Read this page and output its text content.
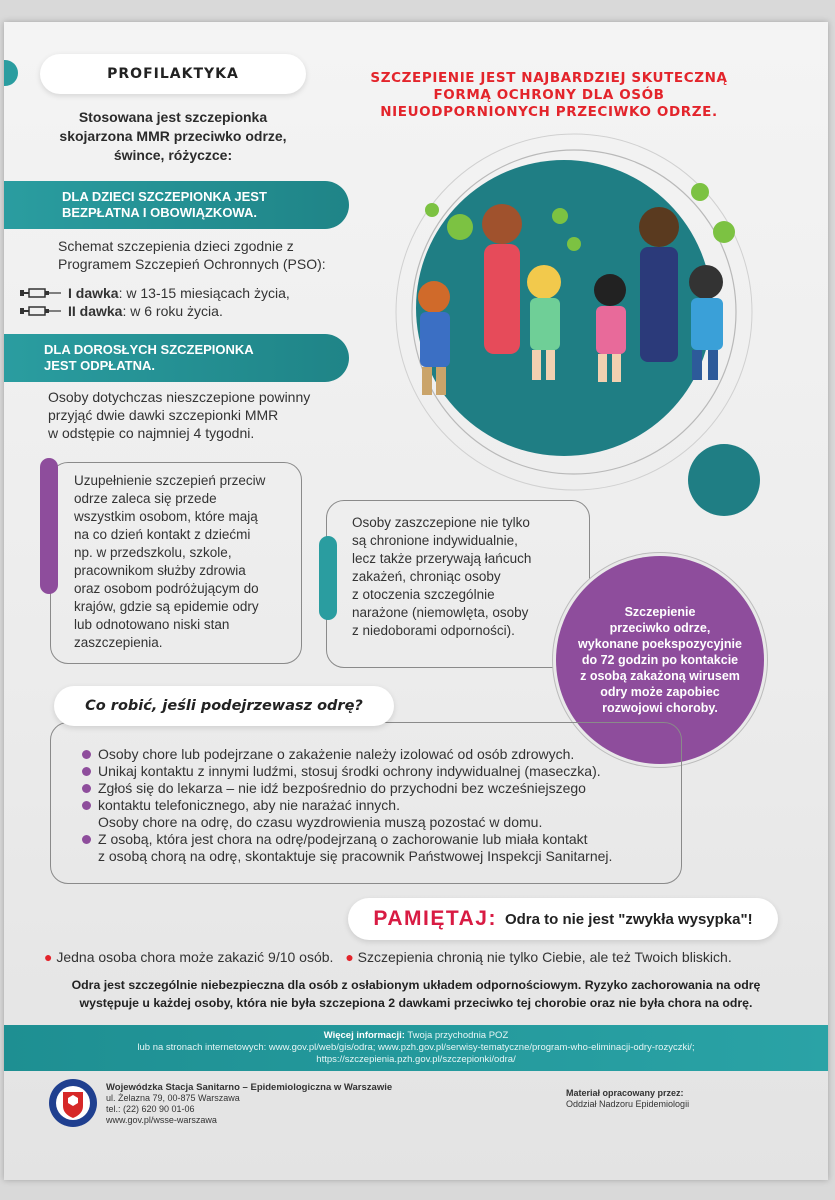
PROFILAKTYKA
Stosowana jest szczepionka
skojarzona MMR przeciwko odrze,
śwince, różyczce:
DLA DZIECI SZCZEPIONKA JEST
BEZPŁATNA I OBOWIĄZKOWA.
Schemat szczepienia dzieci zgodnie z
Programem Szczepień Ochronnych (PSO):
I dawka : w 13-15 miesiącach życia,
II dawka : w 6 roku życia.
DLA DOROSŁYCH SZCZEPIONKA
JEST ODPŁATNA.
Osoby dotychczas nieszczepione powinny
przyjąć dwie dawki szczepionki MMR
w odstępie co najmniej 4 tygodni.
SZCZEPIENIE JEST NAJBARDZIEJ SKUTECZNĄ
FORMĄ OCHRONY DLA OSÓB
NIEUODPORNIONYCH PRZECIWKO ODRZE.
Uzupełnienie szczepień przeciw
odrze zaleca się przede
wszystkim osobom, które mają
na co dzień kontakt z dziećmi
np. w przedszkolu, szkole,
pracownikom służby zdrowia
oraz osobom podróżującym do
krajów, gdzie są epidemie odry
lub odnotowano niski stan
zaszczepienia.
Osoby zaszczepione nie tylko
są chronione indywidualnie,
lecz także przerywają łańcuch
zakażeń, chroniąc osoby
z otoczenia szczególnie
narażone (niemowlęta, osoby
z niedoborami odporności).
Szczepienie
przeciwko odrze,
wykonane poekspozycyjnie
do 72 godzin po kontakcie
z osobą zakażoną wirusem
odry może zapobiec
rozwojowi choroby.
Co robić, jeśli podejrzewasz odrę?
Osoby chore lub podejrzane o zakażenie należy izolować od osób zdrowych.
Unikaj kontaktu z innymi ludźmi, stosuj środki ochrony indywidualnej (maseczka).
Zgłoś się do lekarza – nie idź bezpośrednio do przychodni bez wcześniejszego
kontaktu telefonicznego, aby nie narażać innych.
Osoby chore na odrę, do czasu wyzdrowienia muszą pozostać w domu.
Z osobą, która jest chora na odrę/podejrzaną o zachorowanie lub miała kontakt
z osobą chorą na odrę, skontaktuje się pracownik Państwowej Inspekcji Sanitarnej.
PAMIĘTAJ: Odra to nie jest "zwykła wysypka"!
● Jedna osoba chora może zakazić 9/10 osób. ● Szczepienia chronią nie tylko Ciebie, ale też Twoich bliskich.
Odra jest szczególnie niebezpieczna dla osób z osłabionym układem odpornościowym. Ryzyko zachorowania na odrę
występuje u każdej osoby, która nie była szczepiona 2 dawkami przeciwko tej chorobie oraz nie była chora na odrę.
Więcej informacji: Twoja przychodnia POZ
lub na stronach internetowych: www.gov.pl/web/gis/odra; www.pzh.gov.pl/serwisy-tematyczne/program-who-eliminacji-odry-rozyczki/;
https://szczepienia.pzh.gov.pl/szczepionki/odra/
Wojewódzka Stacja Sanitarno – Epidemiologiczna w Warszawie
ul. Żelazna 79, 00-875 Warszawa
tel.: (22) 620 90 01-06
www.gov.pl/wsse-warszawa
Materiał opracowany przez:
Oddział Nadzoru Epidemiologii
